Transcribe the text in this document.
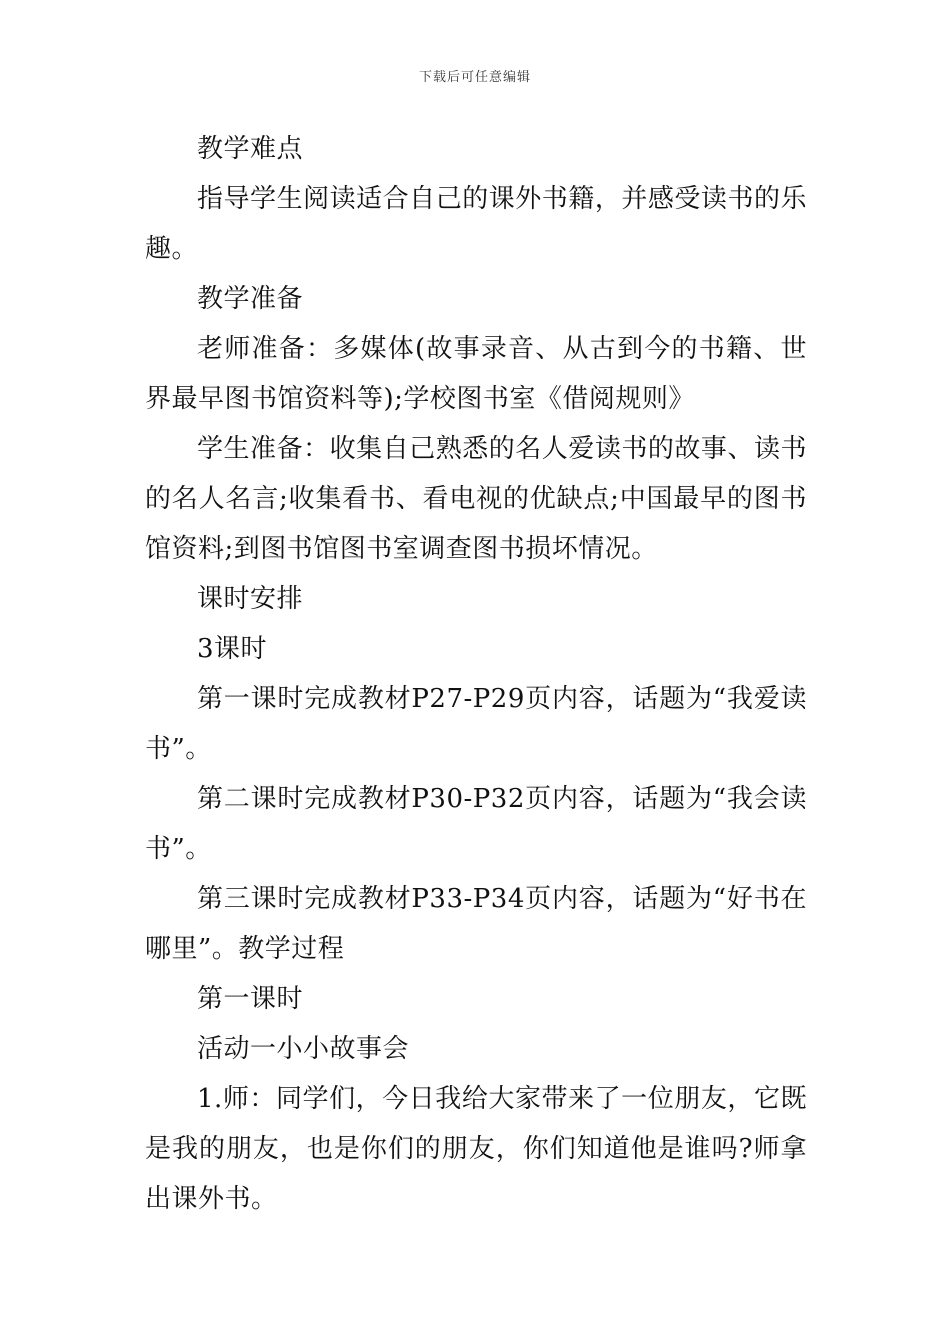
下载后可任意编辑

教学难点

指导学生阅读适合自己的课外书籍，并感受读书的乐趣。

教学准备

老师准备：多媒体(故事录音、从古到今的书籍、世界最早图书馆资料等);学校图书室《借阅规则》

学生准备：收集自己熟悉的名人爱读书的故事、读书的名人名言;收集看书、看电视的优缺点;中国最早的图书馆资料;到图书馆图书室调查图书损坏情况。

课时安排

3课时

第一课时完成教材P27-P29页内容，话题为“我爱读书”。

第二课时完成教材P30-P32页内容，话题为“我会读书”。

第三课时完成教材P33-P34页内容，话题为“好书在哪里”。教学过程

第一课时

活动一小小故事会

1.师：同学们，今日我给大家带来了一位朋友，它既是我的朋友，也是你们的朋友，你们知道他是谁吗?师拿出课外书。
